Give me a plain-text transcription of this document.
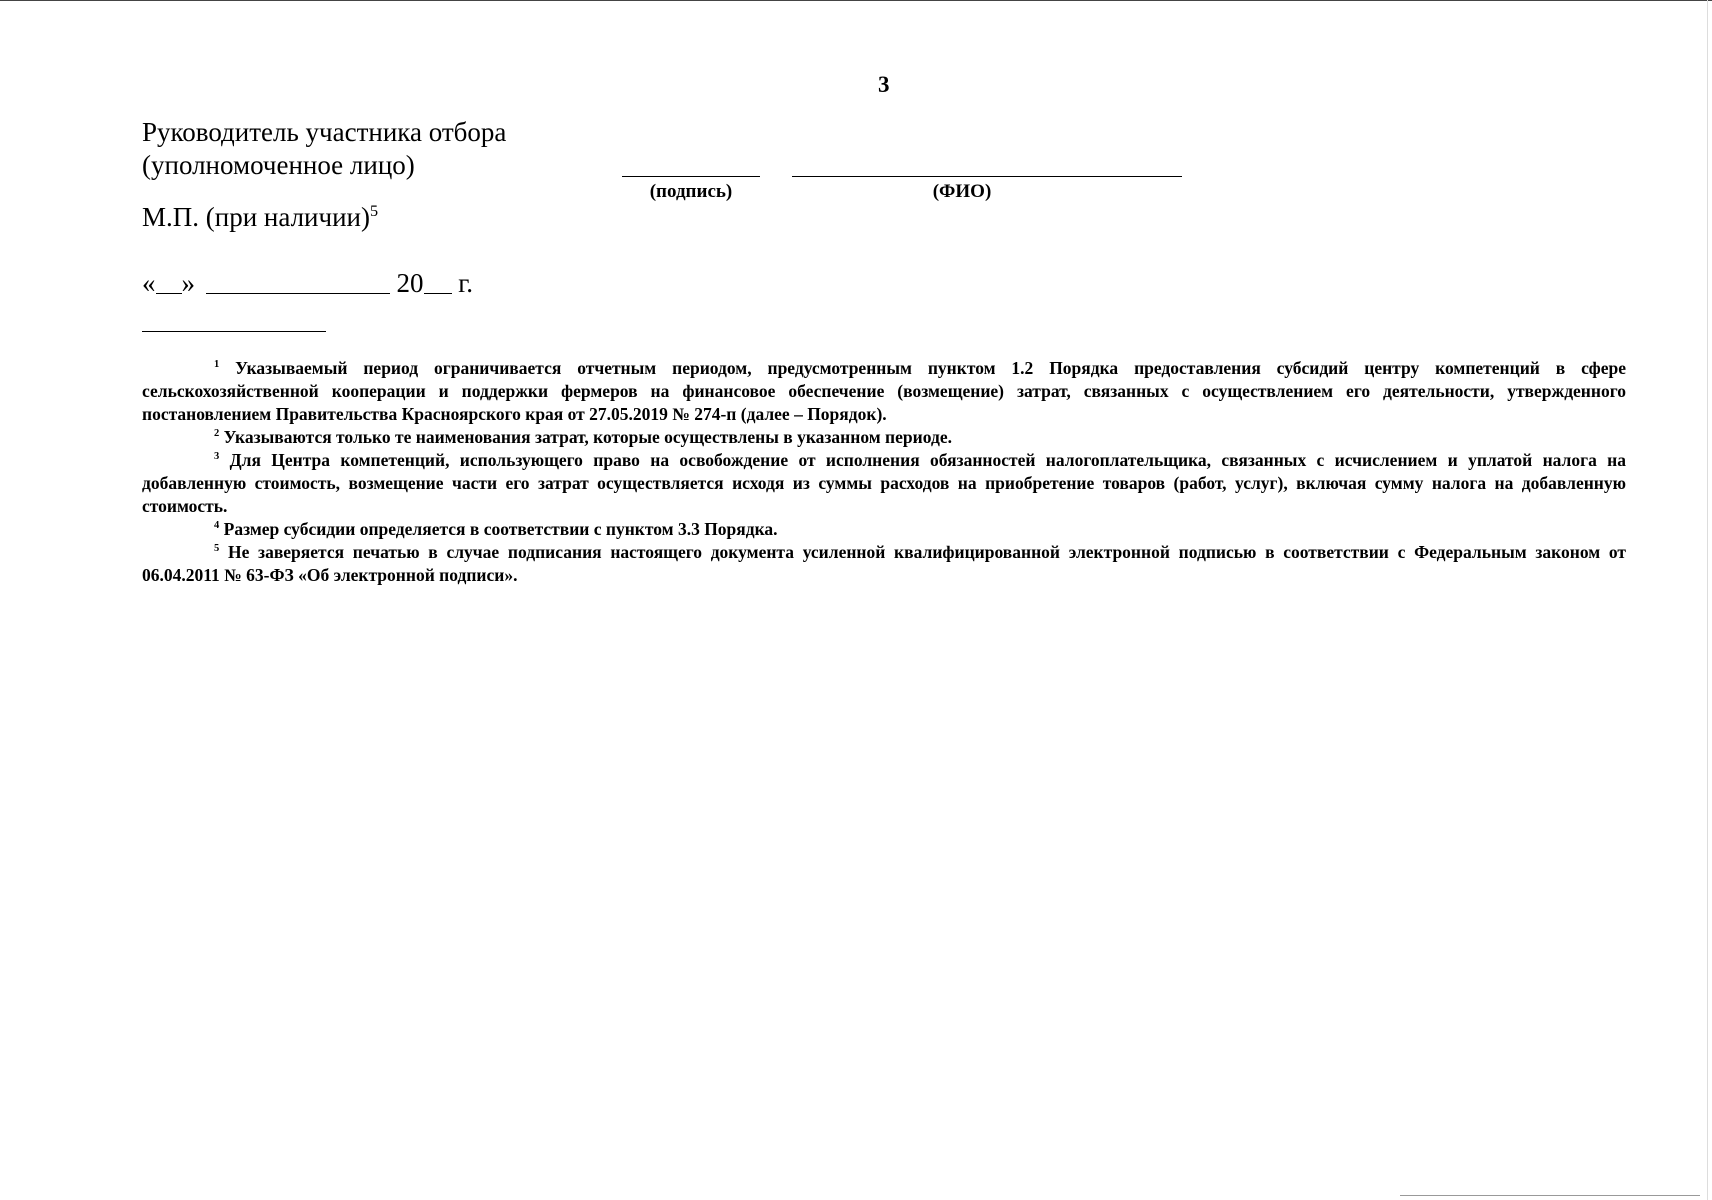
3
Руководитель участника отбора
(уполномоченное лицо)
(подпись)	(ФИО)
М.П. (при наличии)$^5$
« »	20 г.

$^1$ Указываемый период ограничивается отчетным периодом, предусмотренным пунктом 1.2 Порядка предоставления субсидий центру компетенций в сфере сельскохозяйственной кооперации и поддержки фермеров на финансовое обеспечение (возмещение) затрат, связанных с осуществлением его деятельности, утвержденного постановлением Правительства Красноярского края от 27.05.2019 № 274-п (далее – Порядок).

$^2$ Указываются только те наименования затрат, которые осуществлены в указанном периоде.

$^3$ Для Центра компетенций, использующего право на освобождение от исполнения обязанностей налогоплательщика, связанных с исчислением и уплатой налога на добавленную стоимость, возмещение части его затрат осуществляется исходя из суммы расходов на приобретение товаров (работ, услуг), включая сумму налога на добавленную стоимость.

$^4$ Размер субсидии определяется в соответствии с пунктом 3.3 Порядка.

$^5$ Не заверяется печатью в случае подписания настоящего документа усиленной квалифицированной электронной подписью в соответствии с Федеральным законом от 06.04.2011 № 63-ФЗ «Об электронной подписи».
